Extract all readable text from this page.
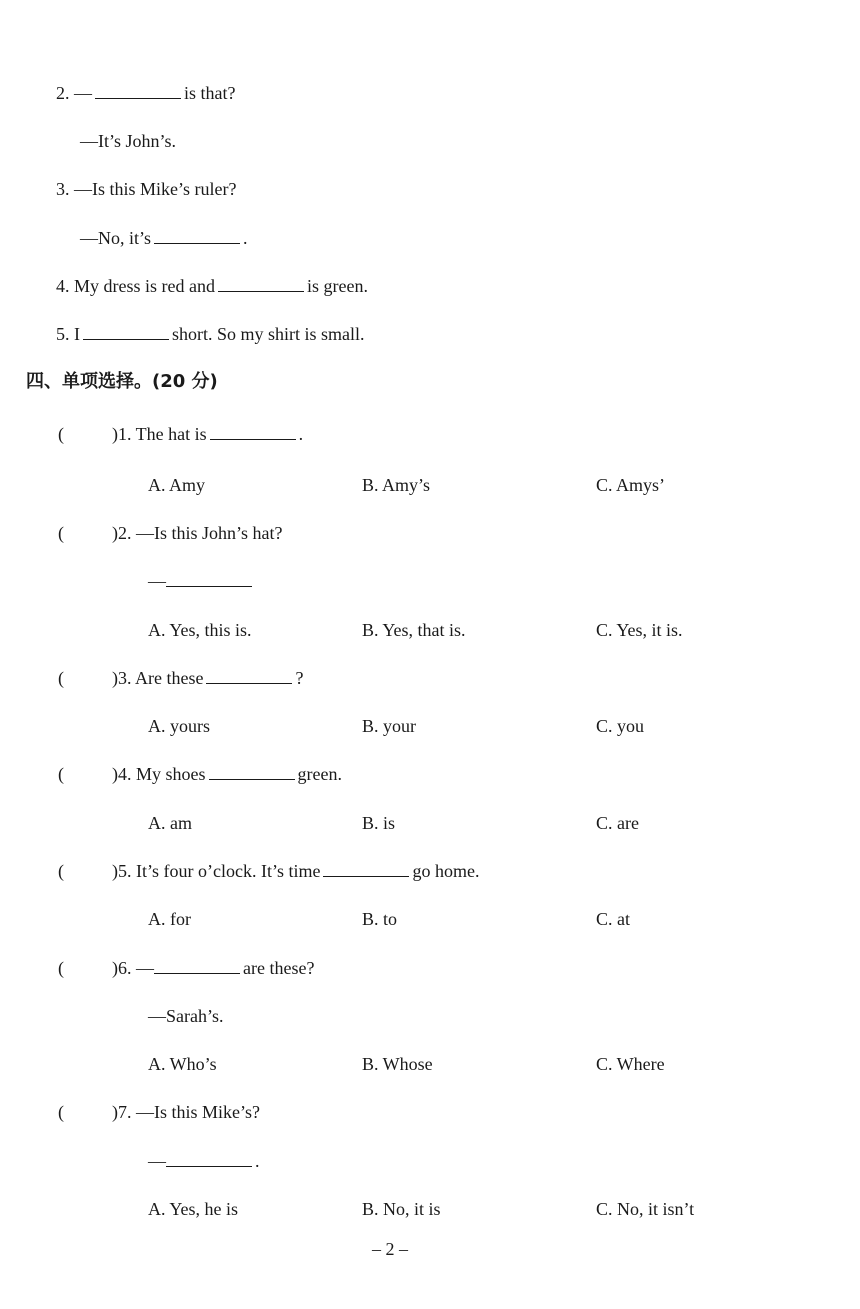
2. —	is that?
—It’s John’s.
3. —Is this Mike’s ruler?
—No, it’s	.
4. My dress is red and	is green.
5. I	short. So my shirt is small.
四、单项选择。(20 分)
(	)1. The hat is	.
A. Amy	B. Amy’s	C. Amys’
(	)2. —Is this John’s hat?
—
A. Yes, this is.	B. Yes, that is.	C. Yes, it is.
(	)3. Are these	?
A. yours	B. your	C. you
(	)4. My shoes	green.
A. am	B. is	C. are
(	)5. It’s four o’clock. It’s time	go home.
A. for	B. to	C. at
(	)6. —	are these?
—Sarah’s.
A. Who’s	B. Whose	C. Where
(	)7. —Is this Mike’s?
—	.
A. Yes, he is	B. No, it is	C. No, it isn’t
– 2 –
